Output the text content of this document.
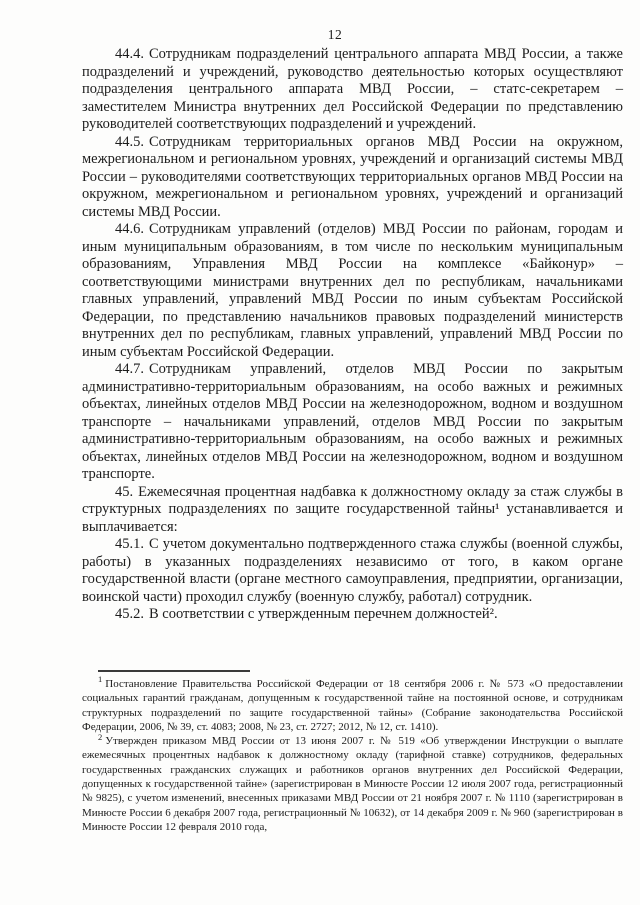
12

44.4. Сотрудникам подразделений центрального аппарата МВД России, а также подразделений и учреждений, руководство деятельностью которых осуществляют подразделения центрального аппарата МВД России, – статс-секретарем – заместителем Министра внутренних дел Российской Федерации по представлению руководителей соответствующих подразделений и учреждений.

44.5. Сотрудникам территориальных органов МВД России на окружном, межрегиональном и региональном уровнях, учреждений и организаций системы МВД России – руководителями соответствующих территориальных органов МВД России на окружном, межрегиональном и региональном уровнях, учреждений и организаций системы МВД России.

44.6. Сотрудникам управлений (отделов) МВД России по районам, городам и иным муниципальным образованиям, в том числе по нескольким муниципальным образованиям, Управления МВД России на комплексе «Байконур» – соответствующими министрами внутренних дел по республикам, начальниками главных управлений, управлений МВД России по иным субъектам Российской Федерации, по представлению начальников правовых подразделений министерств внутренних дел по республикам, главных управлений, управлений МВД России по иным субъектам Российской Федерации.

44.7. Сотрудникам управлений, отделов МВД России по закрытым административно-территориальным образованиям, на особо важных и режимных объектах, линейных отделов МВД России на железнодорожном, водном и воздушном транспорте – начальниками управлений, отделов МВД России по закрытым административно-территориальным образованиям, на особо важных и режимных объектах, линейных отделов МВД России на железнодорожном, водном и воздушном транспорте.

45. Ежемесячная процентная надбавка к должностному окладу за стаж службы в структурных подразделениях по защите государственной тайны¹ устанавливается и выплачивается:

45.1. С учетом документально подтвержденного стажа службы (военной службы, работы) в указанных подразделениях независимо от того, в каком органе государственной власти (органе местного самоуправления, предприятии, организации, воинской части) проходил службу (военную службу, работал) сотрудник.

45.2. В соответствии с утвержденным перечнем должностей².

$^1$ Постановление Правительства Российской Федерации от 18 сентября 2006 г. № 573 «О предоставлении социальных гарантий гражданам, допущенным к государственной тайне на постоянной основе, и сотрудникам структурных подразделений по защите государственной тайны» (Собрание законодательства Российской Федерации, 2006, № 39, ст. 4083; 2008, № 23, ст. 2727; 2012, № 12, ст. 1410).

$^2$ Утвержден приказом МВД России от 13 июня 2007 г. № 519 «Об утверждении Инструкции о выплате ежемесячных процентных надбавок к должностному окладу (тарифной ставке) сотрудников, федеральных государственных гражданских служащих и работников органов внутренних дел Российской Федерации, допущенных к государственной тайне» (зарегистрирован в Минюсте России 12 июля 2007 года, регистрационный № 9825), с учетом изменений, внесенных приказами МВД России от 21 ноября 2007 г. № 1110 (зарегистрирован в Минюсте России 6 декабря 2007 года, регистрационный № 10632), от 14 декабря 2009 г. № 960 (зарегистрирован в Минюсте России 12 февраля 2010 года,
